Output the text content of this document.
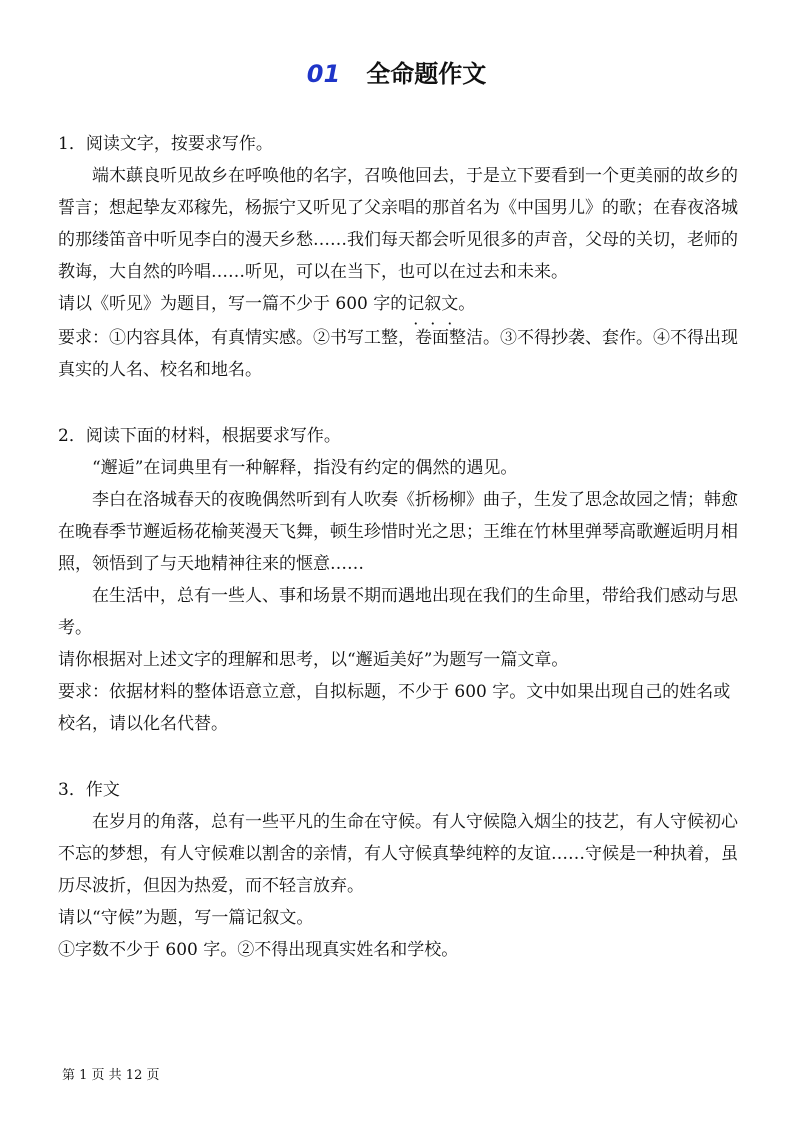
01 全命题作文

1．阅读文字，按要求写作。

端木蕻良听见故乡在呼唤他的名字，召唤他回去，于是立下要看到一个更美丽的故乡的誓言；想起挚友邓稼先，杨振宁又听见了父亲唱的那首名为《中国男儿》的歌；在春夜洛城的那缕笛音中听见李白的漫天乡愁……我们每天都会听见很多的声音，父母的关切，老师的教诲，大自然的吟唱……听见，可以在当下，也可以在过去和未来。

请以《听见》为题目，写一篇不少于 600 字的记叙文。

要求：①内容具体，有真情实感。②书写工整，卷面整洁。③不得抄袭、套作。④不得出现真实的人名、校名和地名。

2．阅读下面的材料，根据要求写作。

“邂逅”在词典里有一种解释，指没有约定的偶然的遇见。

李白在洛城春天的夜晚偶然听到有人吹奏《折杨柳》曲子，生发了思念故园之情；韩愈在晚春季节邂逅杨花榆荚漫天飞舞，顿生珍惜时光之思；王维在竹林里弹琴高歌邂逅明月相照，领悟到了与天地精神往来的惬意……

在生活中，总有一些人、事和场景不期而遇地出现在我们的生命里，带给我们感动与思考。

请你根据对上述文字的理解和思考，以“邂逅美好”为题写一篇文章。

要求：依据材料的整体语意立意，自拟标题，不少于 600 字。文中如果出现自己的姓名或校名，请以化名代替。

3．作文

在岁月的角落，总有一些平凡的生命在守候。有人守候隐入烟尘的技艺，有人守候初心不忘的梦想，有人守候难以割舍的亲情，有人守候真挚纯粹的友谊……守候是一种执着，虽历尽波折，但因为热爱，而不轻言放弃。

请以“守候”为题，写一篇记叙文。

①字数不少于 600 字。②不得出现真实姓名和学校。

第 1 页 共 12 页
